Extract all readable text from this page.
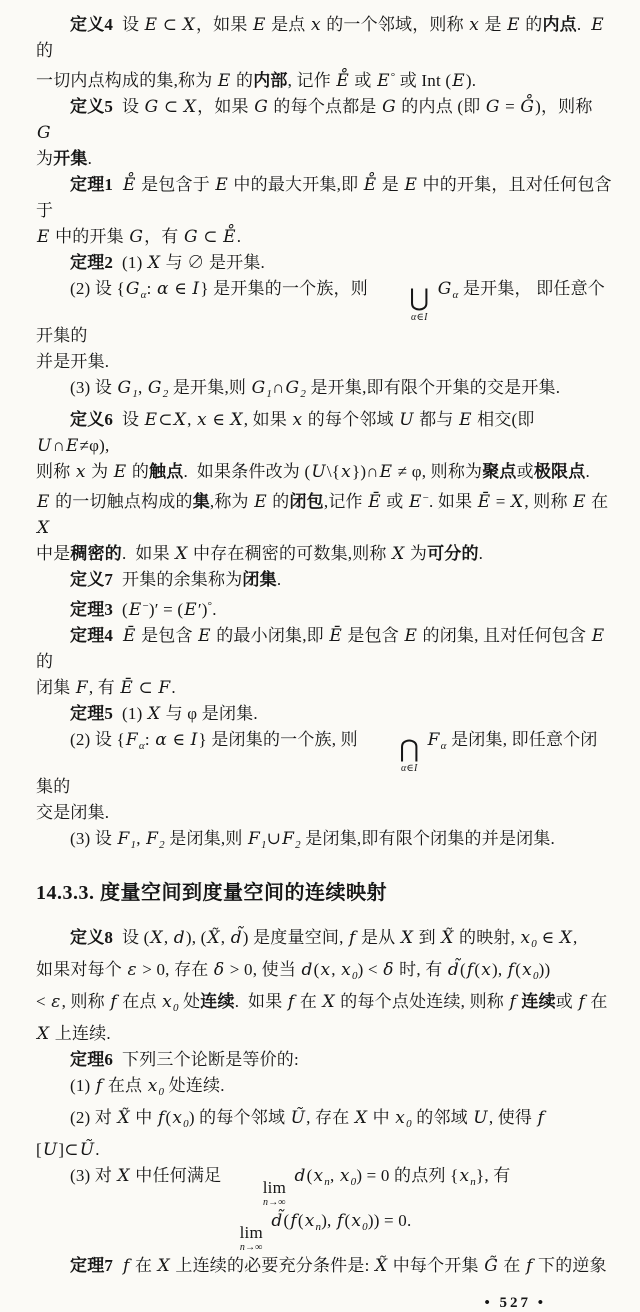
定义4  设 E ⊂ X，如果 E 是点 x 的一个邻域，则称 x 是 E 的内点.  E 的
一切内点构成的集,称为 E 的内部, 记作 E̊ 或 E° 或 Int (E).
定义5  设 G ⊂ X，如果 G 的每个点都是 G 的内点 (即 G = G̊)，则称 G
为开集.
定理1 E̊ 是包含于 E 中的最大开集,即 E̊ 是 E 中的开集，且对任何包含于
E 中的开集 G，有 G ⊂ E̊.
定理2  (1) X 与 ∅ 是开集.
(2) 设 {$G_\alpha$: α ∈ I} 是开集的一个族，则	⋃
α∈I
$G_\alpha$ 是开集， 即任意个开集的
并是开集.
(3) 设 $G_1$, $G_2$ 是开集,则 $G_1\cap G_2$ 是开集,即有限个开集的交是开集.
定义6  设 E⊂X, x ∈ X, 如果 x 的每个邻域 U 都与 E 相交(即 U∩E≠φ),
则称 x 为 E 的触点.  如果条件改为 (U\{x})∩E ≠ φ, 则称为聚点或极限点.
E 的一切触点构成的集,称为 E 的闭包,记作 Ē 或 E−. 如果 Ē = X, 则称 E 在 X
中是稠密的.  如果 X 中存在稠密的可数集,则称 X 为可分的.
定义7  开集的余集称为闭集.
定理3  (E−)′ = (E′)°.
定理4 Ē 是包含 E 的最小闭集,即 Ē 是包含 E 的闭集, 且对任何包含 E 的
闭集 F, 有 Ē ⊂ F.
定理5  (1) X 与 φ 是闭集.
(2) 设 {$F_\alpha$: α ∈ I} 是闭集的一个族, 则	⋂
α∈I
$F_\alpha$ 是闭集, 即任意个闭集的
交是闭集.
(3) 设 $F_1$, $F_2$ 是闭集,则 $F_1\cup F_2$ 是闭集,即有限个闭集的并是闭集.
14.3.3. 度量空间到度量空间的连续映射
定义8  设 (X, d), (X̃, d̃) 是度量空间, f 是从 X 到 X̃ 的映射, $x_0$ ∈ X,
如果对每个 ε > 0, 存在 δ > 0, 使当 d(x, $x_0) < \delta$ 时, 有 d̃(f(x), $f(x_0)$)
< ε, 则称 f 在点 $x_0$ 处连续.  如果 f 在 X 的每个点处连续, 则称 f 连续或 f 在
X 上连续.
定理6  下列三个论断是等价的:
(1) f 在点 $x_0$ 处连续.
(2) 对 X̃ 中 $f(x_0)$ 的每个邻域 Ũ, 存在 X 中 $x_0$ 的邻域 U, 使得 f [U]⊂Ũ.
(3) 对 X 中任何满足
lim
n→∞
$d(x_n$, $x_0) = 0$ 的点列 $\{x_n\}$, 有
lim
n→∞
$d̃(f(x_n)$, $f(x_0)) = 0$.
定理7 f 在 X 上连续的必要充分条件是: X̃ 中每个开集 G̃ 在 f 下的逆象
• 527 •
